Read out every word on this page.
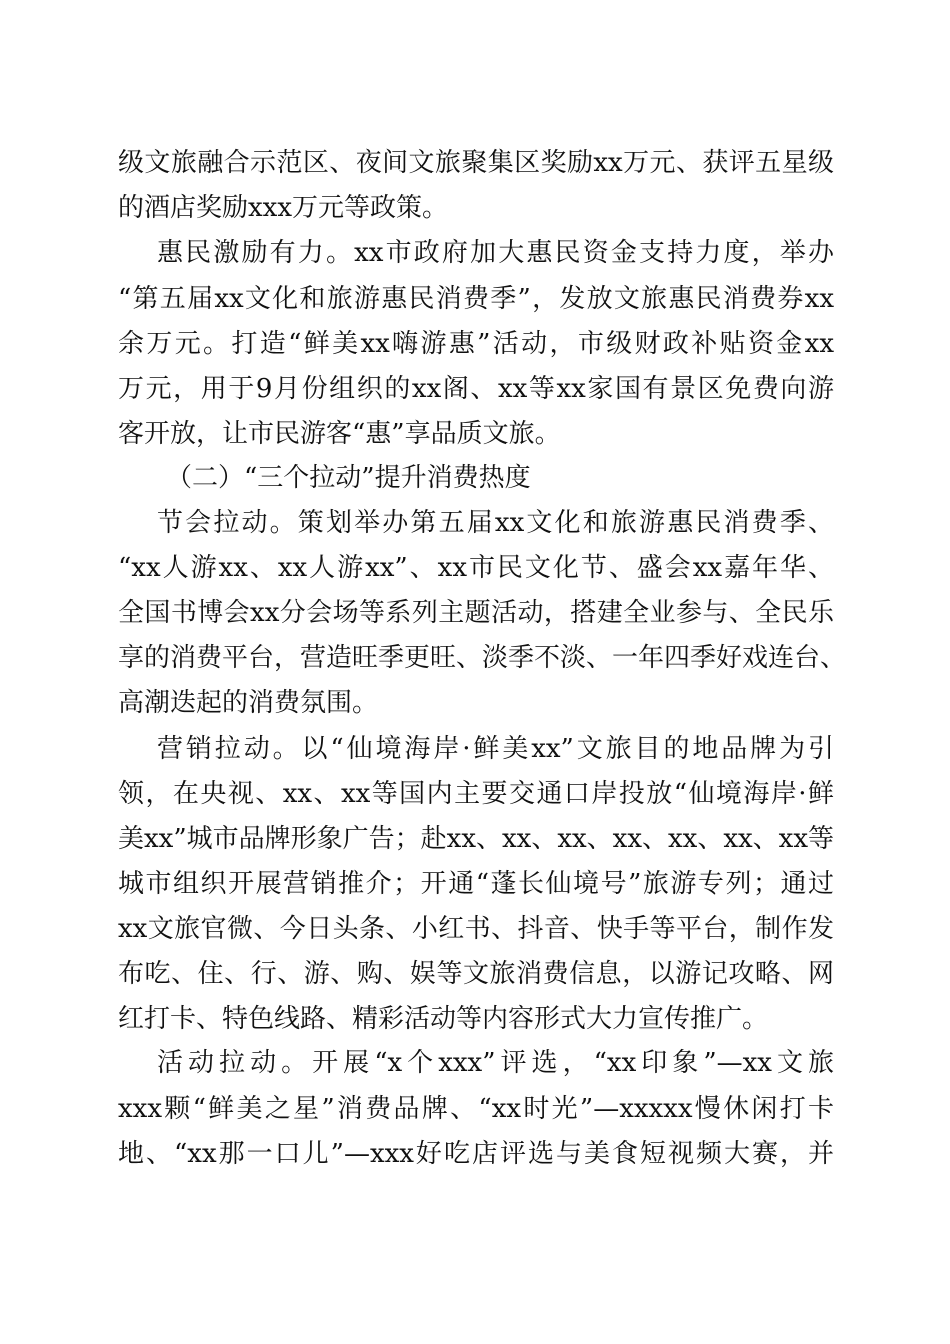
级文旅融合示范区、夜间文旅聚集区奖励xx万元、获评五星级
的酒店奖励xxx万元等政策。
惠民激励有力。xx市政府加大惠民资金支持力度，举办
“第五届xx文化和旅游惠民消费季”，发放文旅惠民消费券xx
余万元。打造“鲜美xx嗨游惠”活动，市级财政补贴资金xx
万元，用于9月份组织的xx阁、xx等xx家国有景区免费向游
客开放，让市民游客“惠”享品质文旅。
（二）“三个拉动”提升消费热度
节会拉动。策划举办第五届xx文化和旅游惠民消费季、
“xx人游xx、xx人游xx”、xx市民文化节、盛会xx嘉年华、
全国书博会xx分会场等系列主题活动，搭建全业参与、全民乐
享的消费平台，营造旺季更旺、淡季不淡、一年四季好戏连台、
高潮迭起的消费氛围。
营销拉动。以“仙境海岸·鲜美xx”文旅目的地品牌为引
领，在央视、xx、xx等国内主要交通口岸投放“仙境海岸·鲜
美xx”城市品牌形象广告；赴xx、xx、xx、xx、xx、xx、xx等
城市组织开展营销推介；开通“蓬长仙境号”旅游专列；通过
xx文旅官微、今日头条、小红书、抖音、快手等平台，制作发
布吃、住、行、游、购、娱等文旅消费信息，以游记攻略、网
红打卡、特色线路、精彩活动等内容形式大力宣传推广。
活动拉动。开展“x个xxx”评选，“xx印象”—xx文旅
xxx颗“鲜美之星”消费品牌、“xx时光”—xxxxx慢休闲打卡
地、“xx那一口儿”—xxx好吃店评选与美食短视频大赛，并
